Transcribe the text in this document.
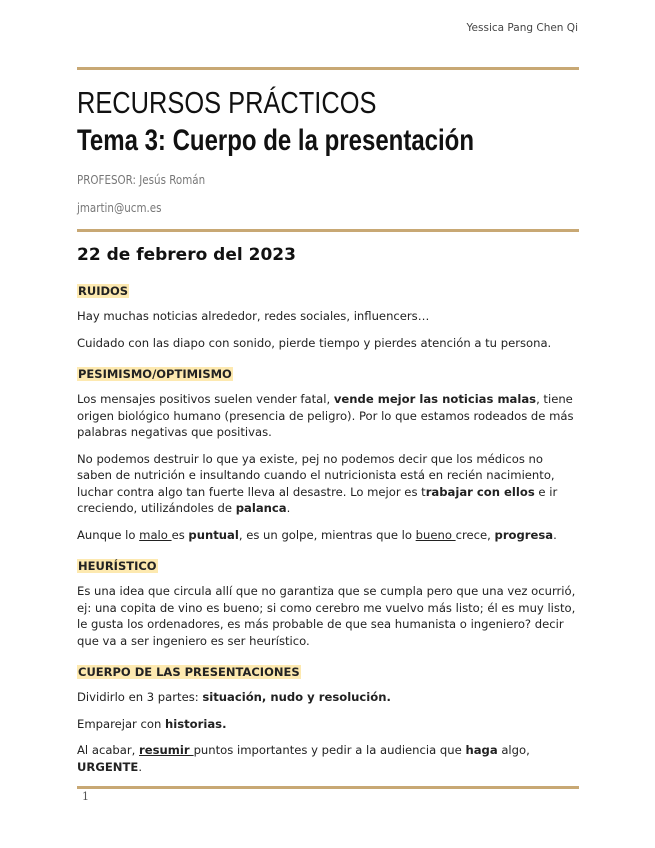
Yessica Pang Chen Qi
RECURSOS PRÁCTICOS
Tema 3: Cuerpo de la presentación
PROFESOR: Jesús Román
jmartin@ucm.es
22 de febrero del 2023
RUIDOS

Hay muchas noticias alrededor, redes sociales, influencers…

Cuidado con las diapo con sonido, pierde tiempo y pierdes atención a tu persona.

PESIMISMO/OPTIMISMO

Los mensajes positivos suelen vender fatal, vende mejor las noticias malas, tiene origen biológico humano (presencia de peligro). Por lo que estamos rodeados de más palabras negativas que positivas.

No podemos destruir lo que ya existe, pej no podemos decir que los médicos no saben de nutrición e insultando cuando el nutricionista está en recién nacimiento, luchar contra algo tan fuerte lleva al desastre. Lo mejor es trabajar con ellos e ir creciendo, utilizándoles de palanca.

Aunque lo malo es puntual, es un golpe, mientras que lo bueno crece, progresa.

HEURÍSTICO

Es una idea que circula allí que no garantiza que se cumpla pero que una vez ocurrió, ej: una copita de vino es bueno; si como cerebro me vuelvo más listo; él es muy listo, le gusta los ordenadores, es más probable de que sea humanista o ingeniero? decir que va a ser ingeniero es ser heurístico.

CUERPO DE LAS PRESENTACIONES

Dividirlo en 3 partes: situación, nudo y resolución.

Emparejar con historias.

Al acabar, resumir puntos importantes y pedir a la audiencia que haga algo, URGENTE.

1
